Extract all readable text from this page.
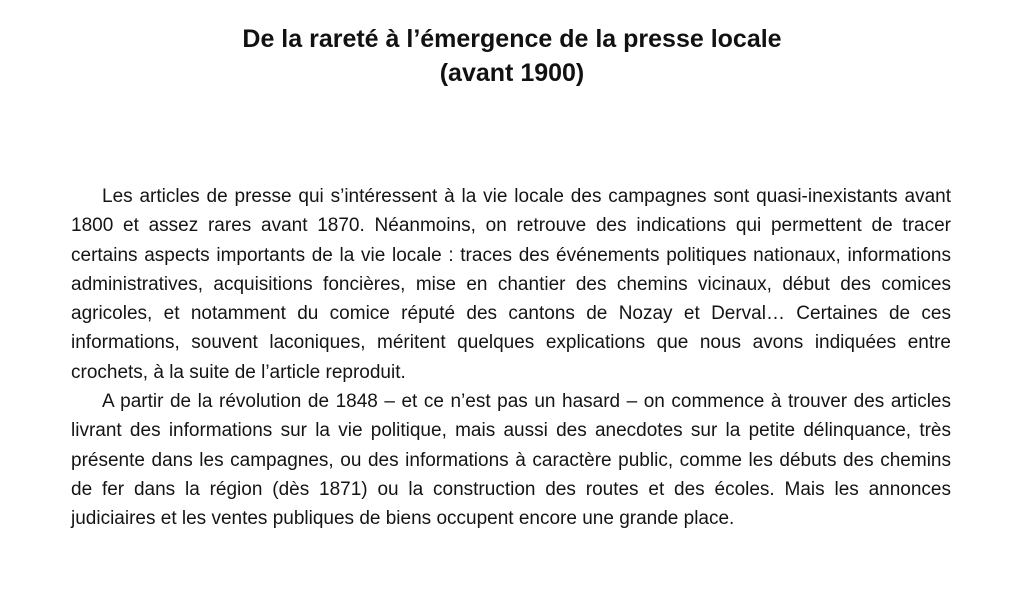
De la rareté à l’émergence de la presse locale
(avant 1900)

Les articles de presse qui s’intéressent à la vie locale des campagnes sont quasi-inexistants avant 1800 et assez rares avant 1870. Néanmoins, on retrouve des indications qui permettent de tracer certains aspects importants de la vie locale : traces des événements politiques nationaux, informations administratives, acquisitions foncières, mise en chantier des chemins vicinaux, début des comices agricoles, et notamment du comice réputé des cantons de Nozay et Derval… Certaines de ces informations, souvent laconiques, méritent quelques explications que nous avons indiquées entre crochets, à la suite de l’article reproduit.

A partir de la révolution de 1848 – et ce n’est pas un hasard – on commence à trouver des articles livrant des informations sur la vie politique, mais aussi des anecdotes sur la petite délinquance, très présente dans les campagnes, ou des informations à caractère public, comme les débuts des chemins de fer dans la région (dès 1871) ou la construction des routes et des écoles. Mais les annonces judiciaires et les ventes publiques de biens occupent encore une grande place.
